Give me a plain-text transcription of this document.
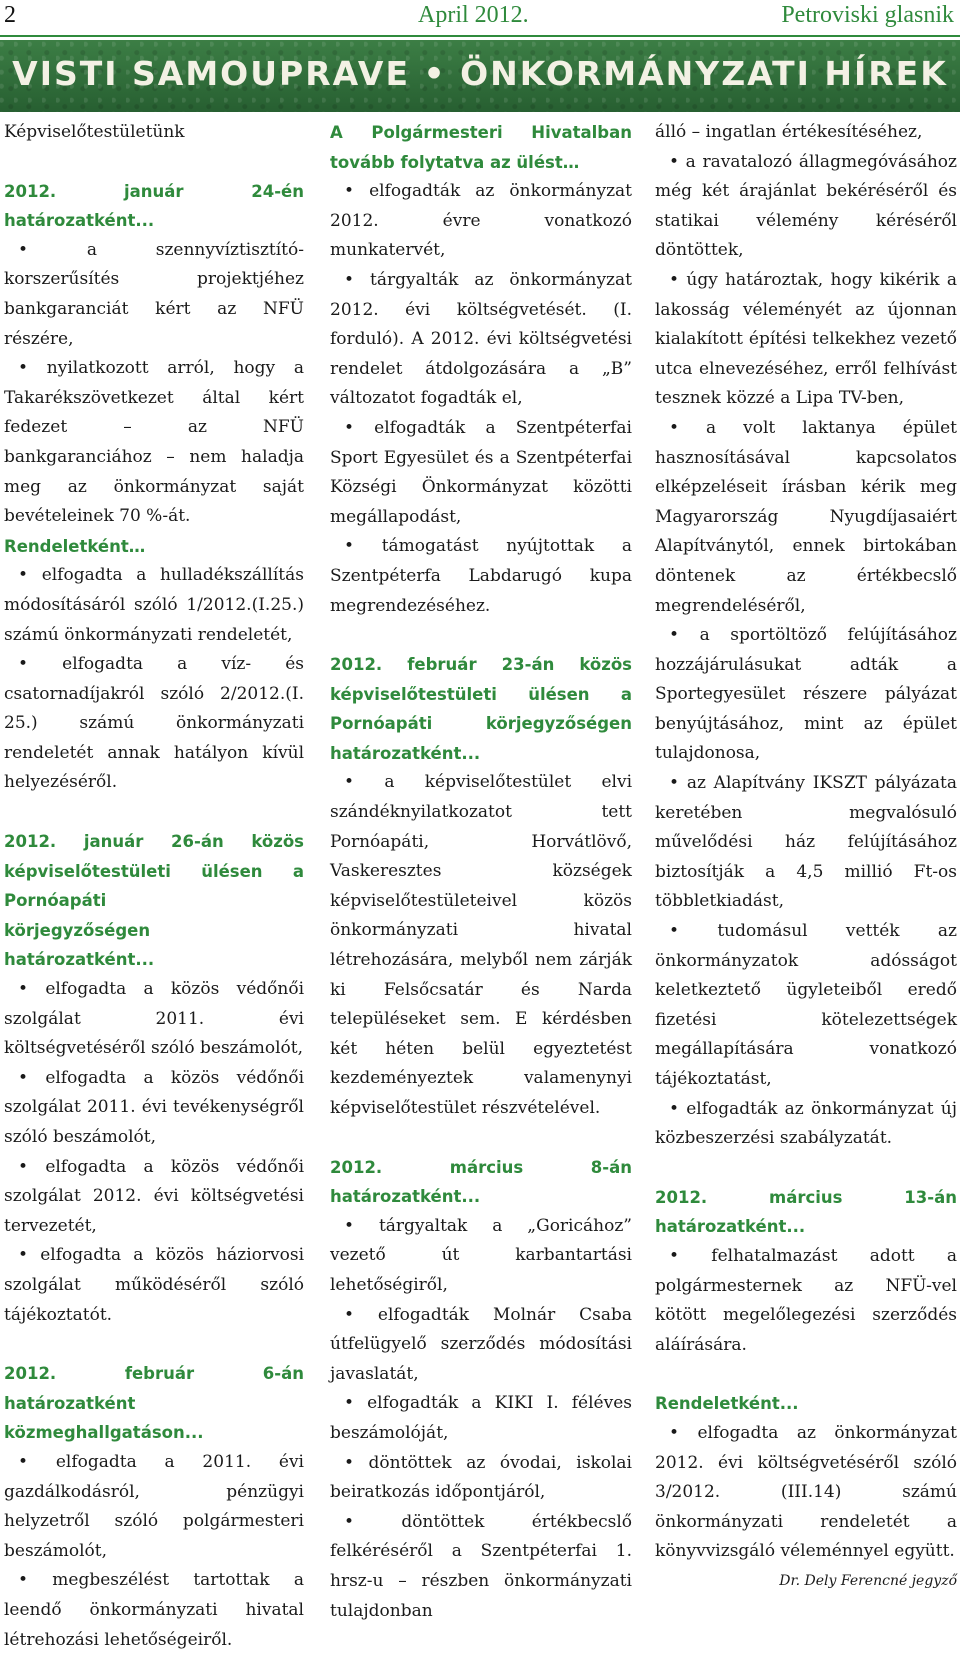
2	April 2012.	Petroviski glasnik
VISTI SAMOUPRAVE • ÖNKORMÁNYZATI HÍREK

Képviselőtestületünk

2012. január 24-én határozatként...

• a szennyvíztisztító-korszerűsítés projektjéhez bankgaranciát kért az NFÜ részére,

• nyilatkozott arról, hogy a Takarékszövetkezet által kért fedezet – az NFÜ bankgaranciához – nem haladja meg az önkormányzat saját bevételeinek 70 %-át.

Rendeletként…

• elfogadta a hulladékszállítás módosításáról szóló 1/2012.(I.25.) számú önkormányzati rendeletét,

• elfogadta a víz- és csatornadíjakról szóló 2/2012.(I. 25.) számú önkormányzati rendeletét annak hatályon kívül helyezéséről.

2012. január 26-án közös képviselőtestületi ülésen a Pornóapáti

körjegyzőségen határozatként...

• elfogadta a közös védőnői szolgálat 2011. évi költségvetéséről szóló beszámolót,

• elfogadta a közös védőnői szolgálat 2011. évi tevékenységről szóló beszámolót,

• elfogadta a közös védőnői szolgálat 2012. évi költségvetési tervezetét,

• elfogadta a közös háziorvosi szolgálat működéséről szóló tájékoztatót.

2012. február 6-án határozatként

közmeghallgatáson...

• elfogadta a 2011. évi gazdálkodásról, pénzügyi helyzetről szóló polgármesteri beszámolót,

• megbeszélést tartottak a leendő önkormányzati hivatal létrehozási lehetőségeiről.

A Polgármesteri Hivatalban tovább folytatva az ülést…

• elfogadták az önkormányzat 2012. évre vonatkozó munkatervét,

• tárgyalták az önkormányzat 2012. évi költségvetését. (I. forduló). A 2012. évi költségvetési rendelet átdolgozására a „B” változatot fogadták el,

• elfogadták a Szentpéterfai Sport Egyesület és a Szentpéterfai Községi Önkormányzat közötti megállapodást,

• támogatást nyújtottak a Szentpéterfa Labdarugó kupa megrendezéséhez.

2012. február 23-án közös képviselőtestületi ülésen a Pornóapáti körjegyzőségen határozatként...

• a képviselőtestület elvi szándéknyilatkozatot tett Pornóapáti, Horvátlövő, Vaskeresztes községek képviselőtestületeivel közös önkormányzati hivatal létrehozására, melyből nem zárják ki Felsőcsatár és Narda településeket sem. E kérdésben két héten belül egyeztetést kezdeményeztek valamenynyi képviselőtestület részvételével.

2012. március 8-án határozatként...

• tárgyaltak a „Goricához” vezető út karbantartási lehetőségiről,

• elfogadták Molnár Csaba útfelügyelő szerződés módosítási javaslatát,

• elfogadták a KIKI I. féléves beszámolóját,

• döntöttek az óvodai, iskolai beiratkozás időpontjáról,

• döntöttek értékbecslő felkéréséről a Szentpéterfai 1. hrsz-u – részben önkormányzati tulajdonban

álló – ingatlan értékesítéséhez,

• a ravatalozó állagmegóvásához még két árajánlat bekéréséről és statikai vélemény kéréséről döntöttek,

• úgy határoztak, hogy kikérik a lakosság véleményét az újonnan kialakított építési telkekhez vezető utca elnevezéséhez, erről felhívást tesznek közzé a Lipa TV-ben,

• a volt laktanya épület hasznosításával kapcsolatos elképzeléseit írásban kérik meg Magyarország Nyugdíjasaiért Alapítványtól, ennek birtokában döntenek az értékbecslő megrendeléséről,

• a sportöltöző felújításához hozzájárulásukat adták a Sportegyesület részere pályázat benyújtásához, mint az épület tulajdonosa,

• az Alapítvány IKSZT pályázata keretében megvalósuló művelődési ház felújításához biztosítják a 4,5 millió Ft-os többletkiadást,

• tudomásul vették az önkormányzatok adósságot keletkeztető ügyleteiből eredő fizetési kötelezettségek megállapítására vonatkozó tájékoztatást,

• elfogadták az önkormányzat új közbeszerzési szabályzatát.

2012. március 13-án határozatként...

• felhatalmazást adott a polgármesternek az NFÜ-vel kötött megelőlegezési szerződés aláírására.

Rendeletként...

• elfogadta az önkormányzat 2012. évi költségvetéséről szóló 3/2012. (III.14) számú önkormányzati rendeletét a könyvvizsgáló véleménnyel együtt.

Dr. Dely Ferencné jegyző
